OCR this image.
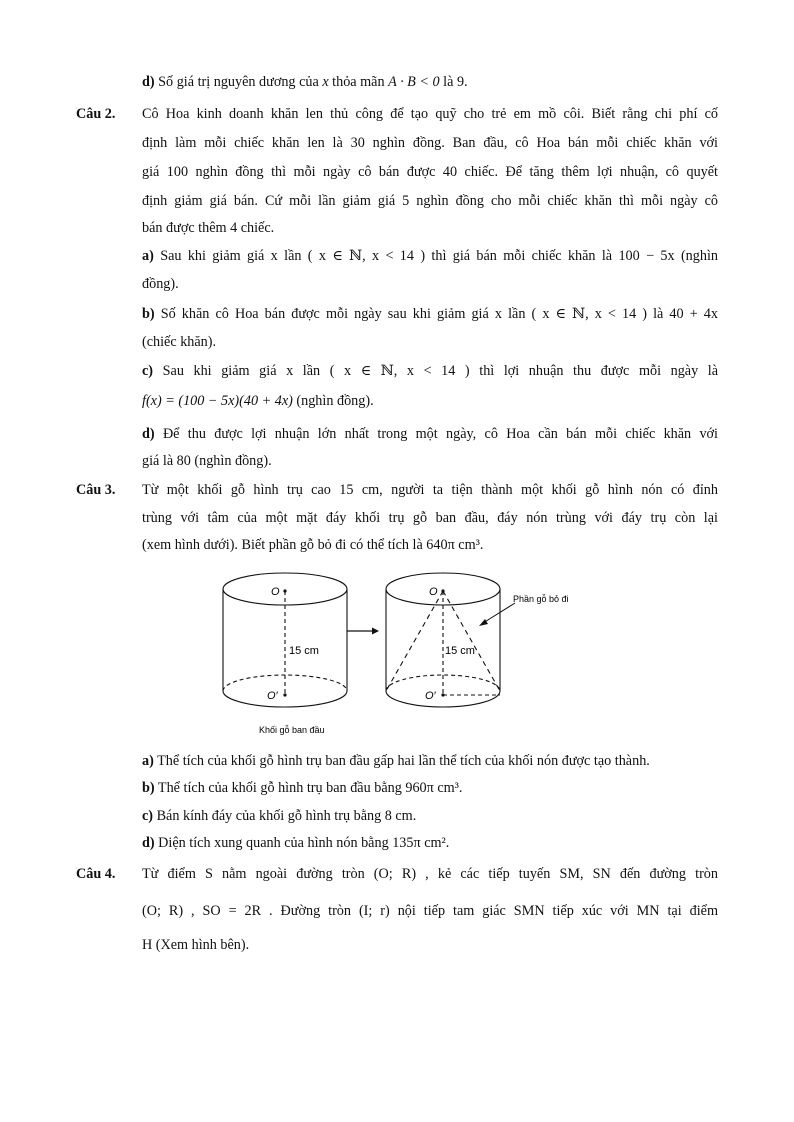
d) Số giá trị nguyên dương của x thỏa mãn A · B < 0 là 9.
Câu 2. Cô Hoa kinh doanh khăn len thủ công để tạo quỹ cho trẻ em mồ côi. Biết rằng chi phí cố
định làm mỗi chiếc khăn len là 30 nghìn đồng. Ban đầu, cô Hoa bán mỗi chiếc khăn với
giá 100 nghìn đồng thì mỗi ngày cô bán được 40 chiếc. Để tăng thêm lợi nhuận, cô quyết
định giảm giá bán. Cứ mỗi lần giảm giá 5 nghìn đồng cho mỗi chiếc khăn thì mỗi ngày cô
bán được thêm 4 chiếc.
a) Sau khi giảm giá x lần ( x ∈ ℕ, x < 14 ) thì giá bán mỗi chiếc khăn là 100 − 5x (nghìn
đồng).
b) Số khăn cô Hoa bán được mỗi ngày sau khi giảm giá x lần ( x ∈ ℕ, x < 14 ) là 40 + 4x
(chiếc khăn).
c) Sau khi giảm giá x lần ( x ∈ ℕ, x < 14 ) thì lợi nhuận thu được mỗi ngày là
f(x) = (100 − 5x)(40 + 4x) (nghìn đồng).
d) Để thu được lợi nhuận lớn nhất trong một ngày, cô Hoa cần bán mỗi chiếc khăn với
giá là 80 (nghìn đồng).
Câu 3. Từ một khối gỗ hình trụ cao 15 cm, người ta tiện thành một khối gỗ hình nón có đỉnh
trùng với tâm của một mặt đáy khối trụ gỗ ban đầu, đáy nón trùng với đáy trụ còn lại
(xem hình dưới). Biết phần gỗ bỏ đi có thể tích là 640π cm³.
O
O′
15 cm
Khối gỗ ban đầu
O
O′
15 cm
Phần gỗ bỏ đi
a) Thể tích của khối gỗ hình trụ ban đầu gấp hai lần thể tích của khối nón được tạo thành.
b) Thể tích của khối gỗ hình trụ ban đầu bằng 960π cm³.
c) Bán kính đáy của khối gỗ hình trụ bằng 8 cm.
d) Diện tích xung quanh của hình nón bằng 135π cm².
Câu 4. Từ điểm S nằm ngoài đường tròn (O; R) , kẻ các tiếp tuyến SM, SN đến đường tròn
(O; R) , SO = 2R . Đường tròn (I; r) nội tiếp tam giác SMN tiếp xúc với MN tại điểm
H (Xem hình bên).
